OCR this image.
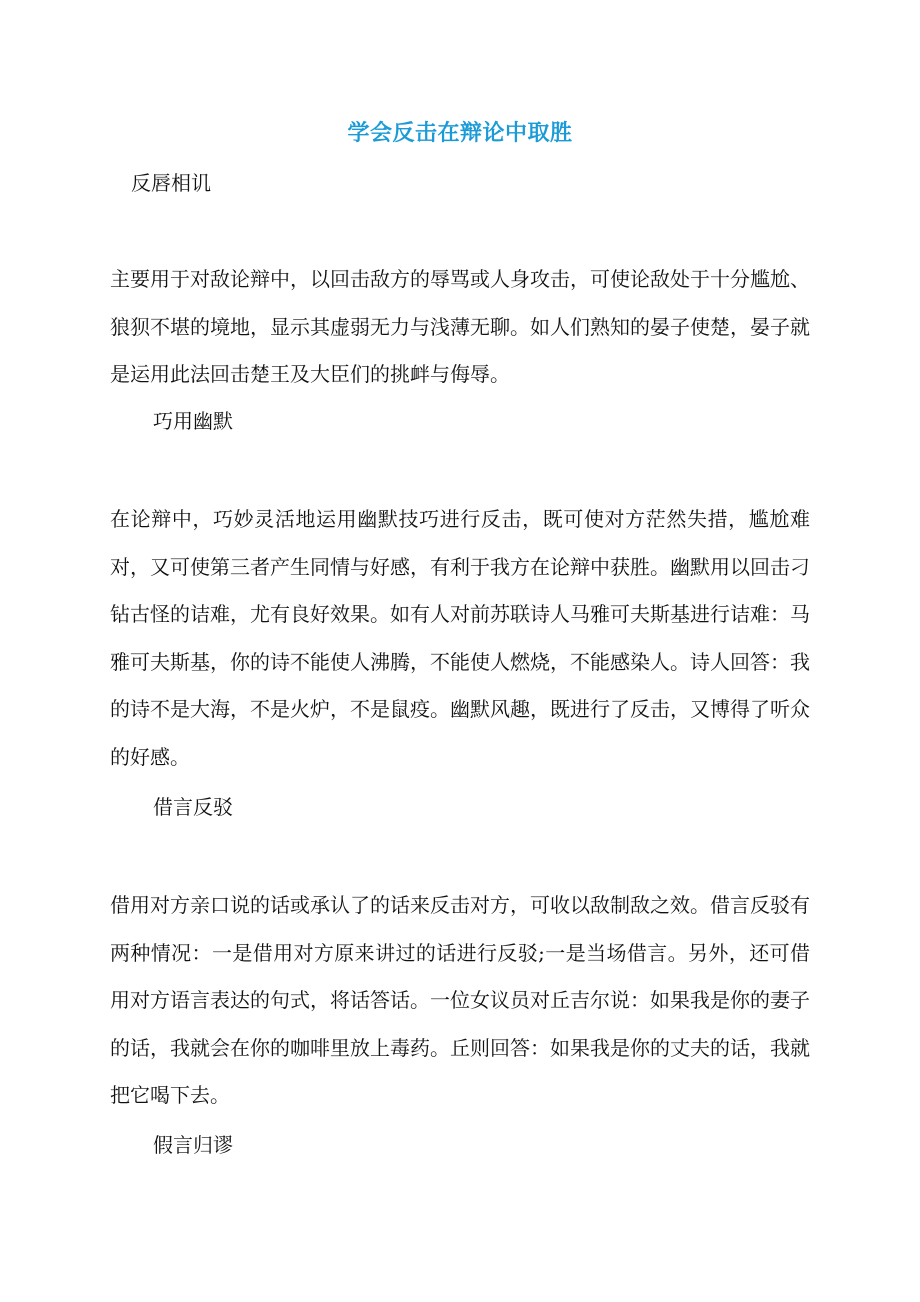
学会反击在辩论中取胜
反唇相讥
主要用于对敌论辩中，以回击敌方的辱骂或人身攻击，可使论敌处于十分尴尬、狼狈不堪的境地，显示其虚弱无力与浅薄无聊。如人们熟知的晏子使楚，晏子就是运用此法回击楚王及大臣们的挑衅与侮辱。
巧用幽默
在论辩中，巧妙灵活地运用幽默技巧进行反击，既可使对方茫然失措，尴尬难对，又可使第三者产生同情与好感，有利于我方在论辩中获胜。幽默用以回击刁钻古怪的诘难，尤有良好效果。如有人对前苏联诗人马雅可夫斯基进行诘难：马雅可夫斯基，你的诗不能使人沸腾，不能使人燃烧，不能感染人。诗人回答：我的诗不是大海，不是火炉，不是鼠疫。幽默风趣，既进行了反击，又博得了听众的好感。
借言反驳
借用对方亲口说的话或承认了的话来反击对方，可收以敌制敌之效。借言反驳有两种情况：一是借用对方原来讲过的话进行反驳;一是当场借言。另外，还可借用对方语言表达的句式，将话答话。一位女议员对丘吉尔说：如果我是你的妻子的话，我就会在你的咖啡里放上毒药。丘则回答：如果我是你的丈夫的话，我就把它喝下去。
假言归谬
